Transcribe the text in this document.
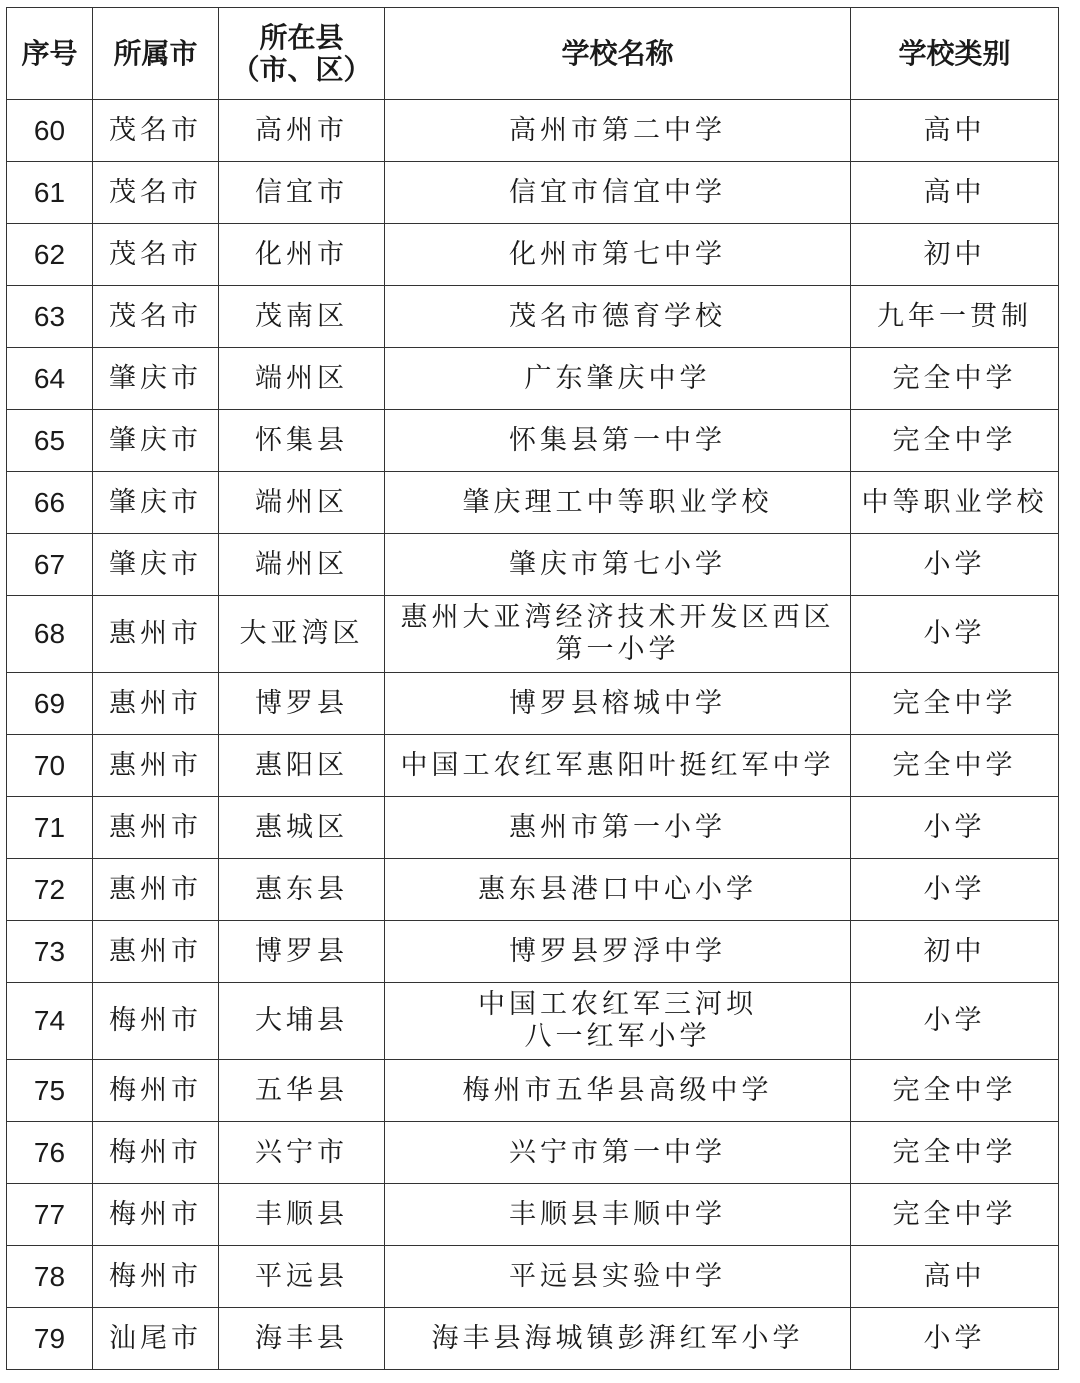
序号	所属市	所在县
（市、区）	学校名称	学校类别
60	茂名市	高州市	高州市第二中学	高中
61	茂名市	信宜市	信宜市信宜中学	高中
62	茂名市	化州市	化州市第七中学	初中
63	茂名市	茂南区	茂名市德育学校	九年一贯制
64	肇庆市	端州区	广东肇庆中学	完全中学
65	肇庆市	怀集县	怀集县第一中学	完全中学
66	肇庆市	端州区	肇庆理工中等职业学校	中等职业学校
67	肇庆市	端州区	肇庆市第七小学	小学
68	惠州市	大亚湾区	惠州大亚湾经济技术开发区西区
第一小学	小学
69	惠州市	博罗县	博罗县榕城中学	完全中学
70	惠州市	惠阳区	中国工农红军惠阳叶挺红军中学	完全中学
71	惠州市	惠城区	惠州市第一小学	小学
72	惠州市	惠东县	惠东县港口中心小学	小学
73	惠州市	博罗县	博罗县罗浮中学	初中
74	梅州市	大埔县	中国工农红军三河坝
八一红军小学	小学
75	梅州市	五华县	梅州市五华县高级中学	完全中学
76	梅州市	兴宁市	兴宁市第一中学	完全中学
77	梅州市	丰顺县	丰顺县丰顺中学	完全中学
78	梅州市	平远县	平远县实验中学	高中
79	汕尾市	海丰县	海丰县海城镇彭湃红军小学	小学
